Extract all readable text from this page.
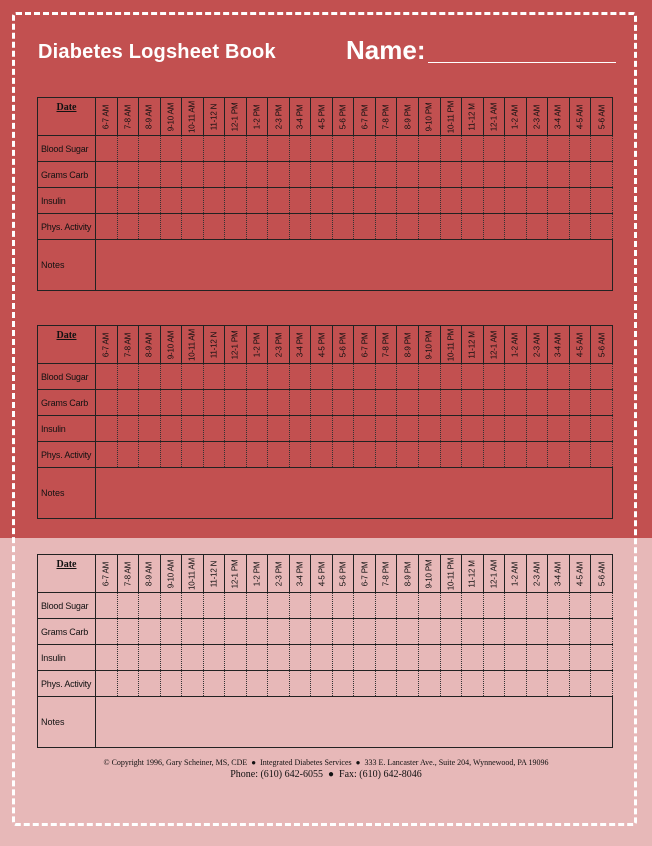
Diabetes Logsheet Book	Name:
Date	6-7 AM	7-8 AM	8-9 AM	9-10 AM	10-11 AM	11-12 N	12-1 PM	1-2 PM	2-3 PM	3-4 PM	4-5 PM	5-6 PM	6-7 PM	7-8 PM	8-9 PM	9-10 PM	10-11 PM	11-12 M	12-1 AM	1-2 AM	2-3 AM	3-4 AM	4-5 AM	5-6 AM

Blood Sugar																								
Grams Carb																								
Insulin																								
Phys. Activity																								
Notes																								
Date	6-7 AM	7-8 AM	8-9 AM	9-10 AM	10-11 AM	11-12 N	12-1 PM	1-2 PM	2-3 PM	3-4 PM	4-5 PM	5-6 PM	6-7 PM	7-8 PM	8-9 PM	9-10 PM	10-11 PM	11-12 M	12-1 AM	1-2 AM	2-3 AM	3-4 AM	4-5 AM	5-6 AM

Blood Sugar																								
Grams Carb																								
Insulin																								
Phys. Activity																								
Notes																								
Date	6-7 AM	7-8 AM	8-9 AM	9-10 AM	10-11 AM	11-12 N	12-1 PM	1-2 PM	2-3 PM	3-4 PM	4-5 PM	5-6 PM	6-7 PM	7-8 PM	8-9 PM	9-10 PM	10-11 PM	11-12 M	12-1 AM	1-2 AM	2-3 AM	3-4 AM	4-5 AM	5-6 AM

Blood Sugar																								
Grams Carb																								
Insulin																								
Phys. Activity																								
Notes																								
© Copyright 1996, Gary Scheiner, MS, CDE  ●  Integrated Diabetes Services  ●  333 E. Lancaster Ave., Suite 204, Wynnewood, PA 19096
Phone: (610) 642-6055  ●  Fax: (610) 642-8046
